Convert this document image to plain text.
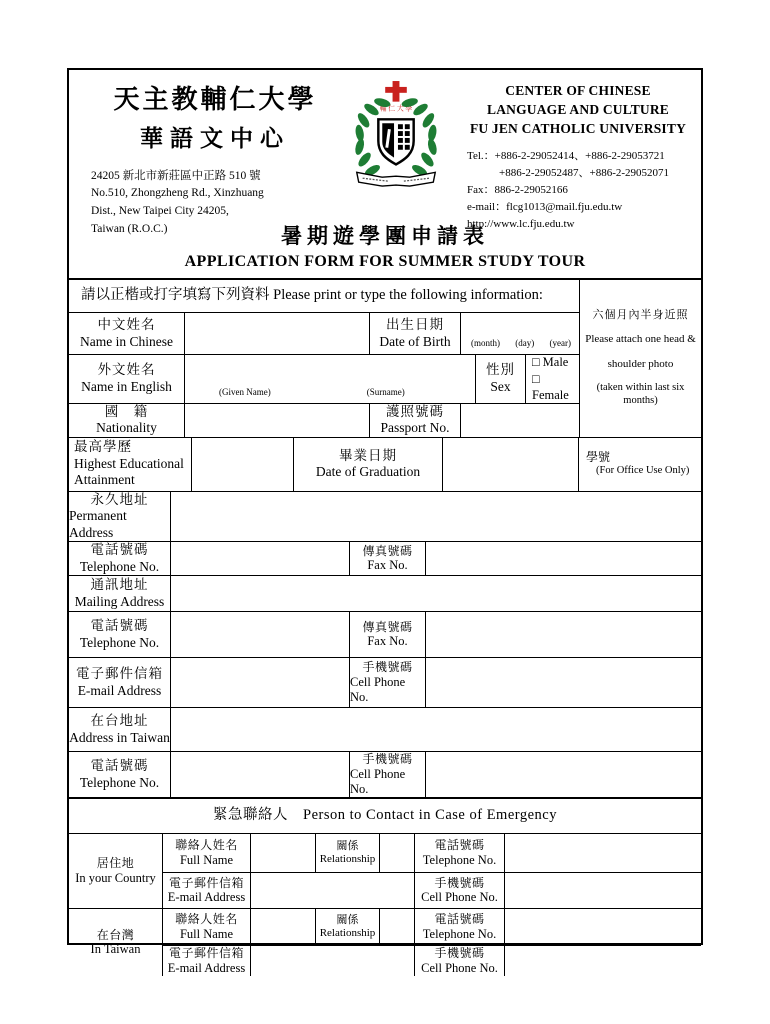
天主教輔仁大學
華語文中心
24205 新北市新莊區中正路 510 號
No.510, Zhongzheng Rd., Xinzhuang
Dist., New Taipei City 24205,
Taiwan (R.O.C.)
輔 仁 大 學
CENTER OF CHINESE
LANGUAGE AND CULTURE
FU JEN CATHOLIC UNIVERSITY
Tel.：+886-2-29052414、+886-2-29053721
+886-2-29052487、+886-2-29052071
Fax：886-2-29052166
e-mail：flcg1013@mail.fju.edu.tw
http://www.lc.fju.edu.tw
暑期遊學團申請表
APPLICATION FORM FOR SUMMER STUDY TOUR
請以正楷或打字填寫下列資料 Please print or type the following information:
中文姓名
Name in Chinese
出生日期
Date of Birth (month) (day) (year)
外文姓名
Name in English	(Given Name)	(Surname)
性別
Sex
□ Male
□ Female
國　籍
Nationality
護照號碼
Passport No.
六個月內半身近照
Please attach one head &
shoulder photo
(taken within last six months)
最高學歷
Highest Educational
Attainment
畢業日期
Date of Graduation
學號
(For Office Use Only)
永久地址
Permanent Address
電話號碼
Telephone No.
傳真號碼
Fax No.
通訊地址
Mailing Address
電話號碼
Telephone No.
傳真號碼
Fax No.
電子郵件信箱
E-mail Address
手機號碼
Cell Phone No.
在台地址
Address in Taiwan
電話號碼
Telephone No.
手機號碼
Cell Phone No.
緊急聯絡人　Person to Contact in Case of Emergency
居住地
In your Country
聯絡人姓名
Full Name
關係
Relationship
電話號碼
Telephone No.
電子郵件信箱
E-mail Address
手機號碼
Cell Phone No.
在台灣
In Taiwan
聯絡人姓名
Full Name
關係
Relationship
電話號碼
Telephone No.
電子郵件信箱
E-mail Address
手機號碼
Cell Phone No.
